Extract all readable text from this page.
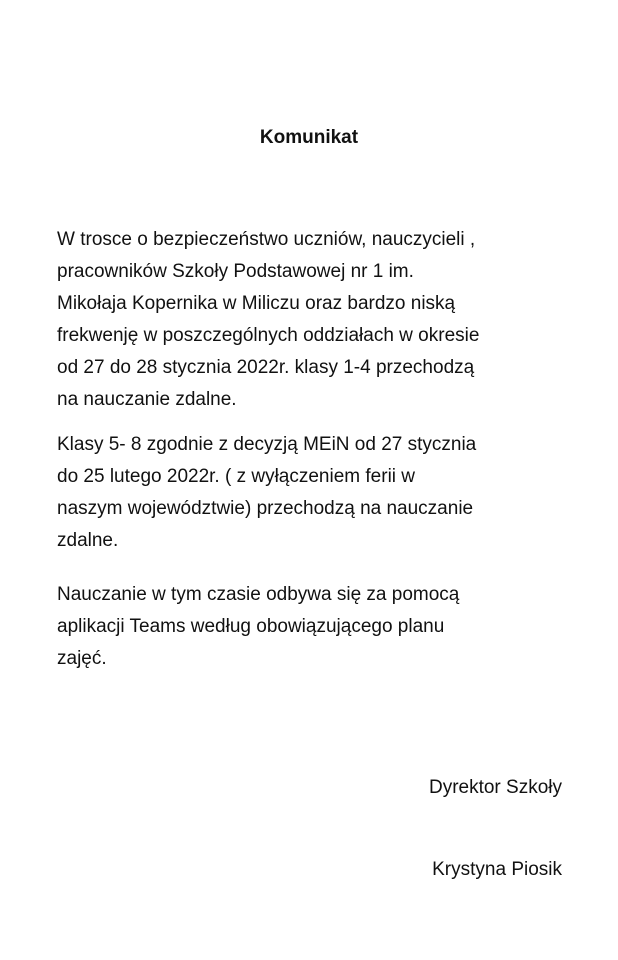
Komunikat

W trosce o bezpieczeństwo uczniów, nauczycieli ,
pracowników Szkoły Podstawowej nr 1 im.
Mikołaja Kopernika w Miliczu oraz bardzo niską
frekwenję w poszczególnych oddziałach w okresie
od 27 do 28 stycznia 2022r. klasy 1-4 przechodzą
na nauczanie zdalne.

Klasy 5- 8 zgodnie z decyzją MEiN od 27 stycznia
do 25 lutego 2022r. ( z wyłączeniem ferii w
naszym województwie) przechodzą na nauczanie
zdalne.

Nauczanie w tym czasie odbywa się za pomocą
aplikacji Teams według obowiązującego planu
zajęć.

Dyrektor Szkoły
Krystyna Piosik
